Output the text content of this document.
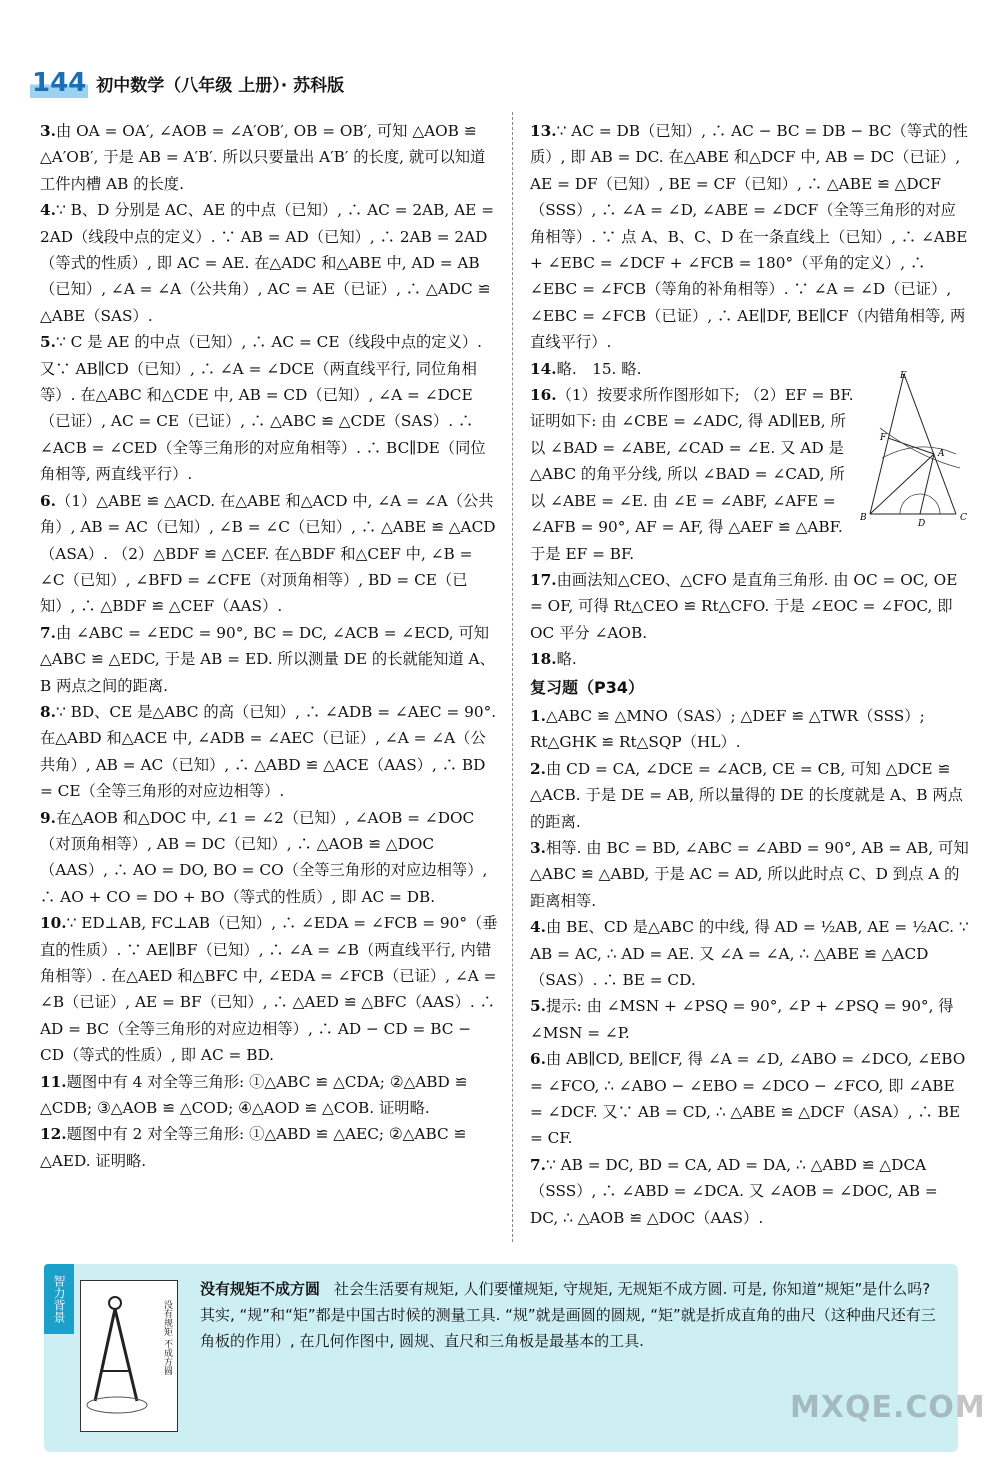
144 初中数学（八年级 上册）· 苏科版
3.由 OA = OA′, ∠AOB = ∠A′OB′, OB = OB′, 可知 △AOB ≌ △A′OB′, 于是 AB = A′B′. 所以只要量出 A′B′ 的长度, 就可以知道工件内槽 AB 的长度.
4.∵ B、D 分别是 AC、AE 的中点（已知）, ∴ AC = 2AB, AE = 2AD（线段中点的定义）. ∵ AB = AD（已知）, ∴ 2AB = 2AD（等式的性质）, 即 AC = AE. 在△ADC 和△ABE 中, AD = AB（已知）, ∠A = ∠A（公共角）, AC = AE（已证）, ∴ △ADC ≌ △ABE（SAS）.
5.∵ C 是 AE 的中点（已知）, ∴ AC = CE（线段中点的定义）. 又∵ AB∥CD（已知）, ∴ ∠A = ∠DCE（两直线平行, 同位角相等）. 在△ABC 和△CDE 中, AB = CD（已知）, ∠A = ∠DCE（已证）, AC = CE（已证）, ∴ △ABC ≌ △CDE（SAS）. ∴ ∠ACB = ∠CED（全等三角形的对应角相等）. ∴ BC∥DE（同位角相等, 两直线平行）.
6.（1）△ABE ≌ △ACD. 在△ABE 和△ACD 中, ∠A = ∠A（公共角）, AB = AC（已知）, ∠B = ∠C（已知）, ∴ △ABE ≌ △ACD（ASA）. （2）△BDF ≌ △CEF. 在△BDF 和△CEF 中, ∠B = ∠C（已知）, ∠BFD = ∠CFE（对顶角相等）, BD = CE（已知）, ∴ △BDF ≌ △CEF（AAS）.
7.由 ∠ABC = ∠EDC = 90°, BC = DC, ∠ACB = ∠ECD, 可知 △ABC ≌ △EDC, 于是 AB = ED. 所以测量 DE 的长就能知道 A、B 两点之间的距离.
8.∵ BD、CE 是△ABC 的高（已知）, ∴ ∠ADB = ∠AEC = 90°. 在△ABD 和△ACE 中, ∠ADB = ∠AEC（已证）, ∠A = ∠A（公共角）, AB = AC（已知）, ∴ △ABD ≌ △ACE（AAS）, ∴ BD = CE（全等三角形的对应边相等）.
9.在△AOB 和△DOC 中, ∠1 = ∠2（已知）, ∠AOB = ∠DOC（对顶角相等）, AB = DC（已知）, ∴ △AOB ≌ △DOC（AAS）, ∴ AO = DO, BO = CO（全等三角形的对应边相等）, ∴ AO + CO = DO + BO（等式的性质）, 即 AC = DB.
10.∵ ED⊥AB, FC⊥AB（已知）, ∴ ∠EDA = ∠FCB = 90°（垂直的性质）. ∵ AE∥BF（已知）, ∴ ∠A = ∠B（两直线平行, 内错角相等）. 在△AED 和△BFC 中, ∠EDA = ∠FCB（已证）, ∠A = ∠B（已证）, AE = BF（已知）, ∴ △AED ≌ △BFC（AAS）. ∴ AD = BC（全等三角形的对应边相等）, ∴ AD − CD = BC − CD（等式的性质）, 即 AC = BD.
11.题图中有 4 对全等三角形: ①△ABC ≌ △CDA; ②△ABD ≌ △CDB; ③△AOB ≌ △COD; ④△AOD ≌ △COB. 证明略.
12.题图中有 2 对全等三角形: ①△ABD ≌ △AEC; ②△ABC ≌ △AED. 证明略.
13.∵ AC = DB（已知）, ∴ AC − BC = DB − BC（等式的性质）, 即 AB = DC. 在△ABE 和△DCF 中, AB = DC（已证）, AE = DF（已知）, BE = CF（已知）, ∴ △ABE ≌ △DCF（SSS）, ∴ ∠A = ∠D, ∠ABE = ∠DCF（全等三角形的对应角相等）. ∵ 点 A、B、C、D 在一条直线上（已知）, ∴ ∠ABE + ∠EBC = ∠DCF + ∠FCB = 180°（平角的定义）, ∴ ∠EBC = ∠FCB（等角的补角相等）. ∵ ∠A = ∠D（已证）, ∠EBC = ∠FCB（已证）, ∴ AE∥DF, BE∥CF（内错角相等, 两直线平行）.
14.略.　15. 略.
16.（1）按要求所作图形如下; （2）EF = BF. 证明如下: 由 ∠CBE = ∠ADC, 得 AD∥EB, 所以 ∠BAD = ∠ABE, ∠CAD = ∠E. 又 AD 是△ABC 的角平分线, 所以 ∠BAD = ∠CAD, 所以 ∠ABE = ∠E. 由 ∠E = ∠ABF, ∠AFE = ∠AFB = 90°, AF = AF, 得 △AEF ≌ △ABF. 于是 EF = BF.
17.由画法知△CEO、△CFO 是直角三角形. 由 OC = OC, OE = OF, 可得 Rt△CEO ≌ Rt△CFO. 于是 ∠EOC = ∠FOC, 即 OC 平分 ∠AOB.
18.略.
复习题（P34）
1.△ABC ≌ △MNO（SAS）; △DEF ≌ △TWR（SSS）; Rt△GHK ≌ Rt△SQP（HL）.
2.由 CD = CA, ∠DCE = ∠ACB, CE = CB, 可知 △DCE ≌ △ACB. 于是 DE = AB, 所以量得的 DE 的长度就是 A、B 两点的距离.
3.相等. 由 BC = BD, ∠ABC = ∠ABD = 90°, AB = AB, 可知 △ABC ≌ △ABD, 于是 AC = AD, 所以此时点 C、D 到点 A 的距离相等.
4.由 BE、CD 是△ABC 的中线, 得 AD = ½AB, AE = ½AC. ∵ AB = AC, ∴ AD = AE. 又 ∠A = ∠A, ∴ △ABE ≌ △ACD（SAS）. ∴ BE = CD.
5.提示: 由 ∠MSN + ∠PSQ = 90°, ∠P + ∠PSQ = 90°, 得 ∠MSN = ∠P.
6.由 AB∥CD, BE∥CF, 得 ∠A = ∠D, ∠ABO = ∠DCO, ∠EBO = ∠FCO, ∴ ∠ABO − ∠EBO = ∠DCO − ∠FCO, 即 ∠ABE = ∠DCF. 又∵ AB = CD, ∴ △ABE ≌ △DCF（ASA）, ∴ BE = CF.
7.∵ AB = DC, BD = CA, AD = DA, ∴ △ABD ≌ △DCA（SSS）, ∴ ∠ABD = ∠DCA. 又 ∠AOB = ∠DOC, AB = DC, ∴ △AOB ≌ △DOC（AAS）.
E
F
A
B
D
C
智力背景
没有规矩 不成方圆
没有规矩不成方圆 社会生活要有规矩, 人们要懂规矩, 守规矩, 无规矩不成方圆. 可是, 你知道“规矩”是什么吗? 其实, “规”和“矩”都是中国古时候的测量工具. “规”就是画圆的圆规, “矩”就是折成直角的曲尺（这种曲尺还有三角板的作用）, 在几何作图中, 圆规、直尺和三角板是最基本的工具.
MXQE.COM
